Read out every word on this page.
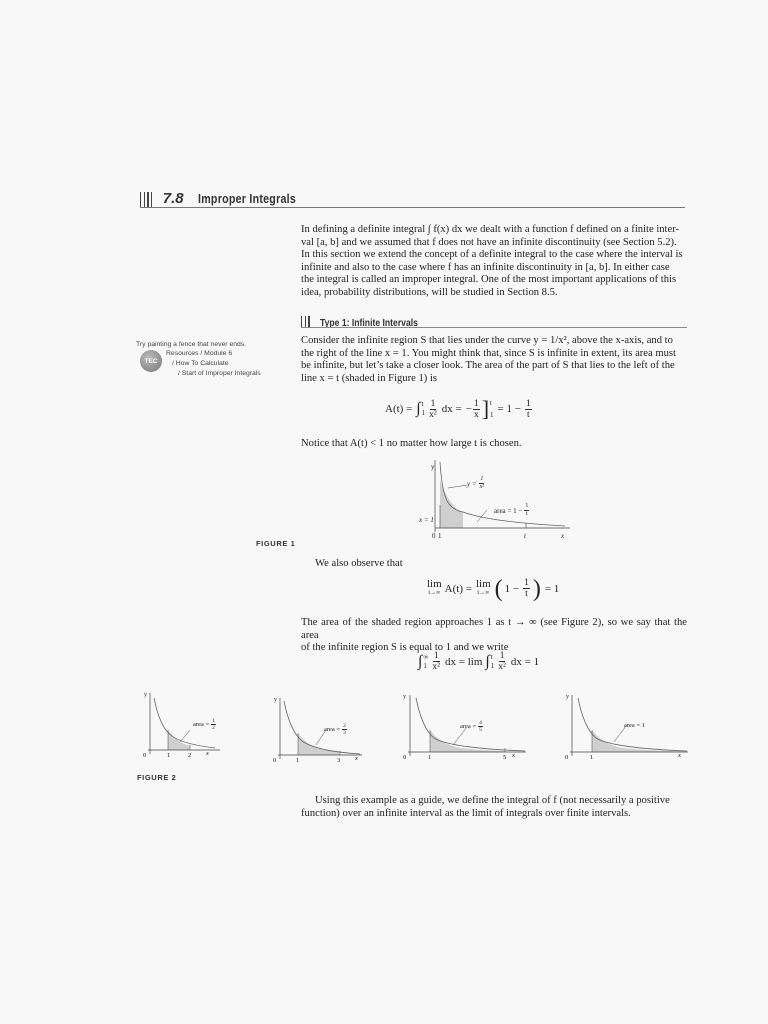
7.8 Improper Integrals
In defining a definite integral ∫ f(x) dx we dealt with a function f defined on a finite inter-
val [a, b] and we assumed that f does not have an infinite discontinuity (see Section 5.2).
In this section we extend the concept of a definite integral to the case where the interval is
infinite and also to the case where f has an infinite discontinuity in [a, b]. In either case
the integral is called an improper integral. One of the most important applications of this
idea, probability distributions, will be studied in Section 8.5.
Type 1: Infinite Intervals
Try painting a fence that never ends.
TEC
Resources / Module 6
/ How To Calculate
/ Start of Improper Integrals
Consider the infinite region S that lies under the curve y = 1/x², above the x-axis, and to
the right of the line x = 1. You might think that, since S is infinite in extent, its area must
be infinite, but let’s take a closer look. The area of the part of S that lies to the left of the
line x = t (shaded in Figure 1) is
A(t) = ∫ t
$1 \frac{1}{\text{x²}}$ dx = − $\frac{1}{x}$ ] t
$1 = 1 - \frac{1}{t}$
Notice that A(t) < 1 no matter how large t is chosen.
y
x
0 1	t
$y = \frac{1}{\text{x²}}$
x = 1
area = $1 - \frac{1}{t}$
FIGURE 1
We also observe that
lim
t→∞ A(t) = lim
t→∞ ( $1 - \frac{1}{t}$ ) = 1
The area of the shaded region approaches 1 as t → ∞ (see Figure 2), so we say that the area
of the infinite region S is equal to 1 and we write
∫ ∞
$1 \frac{1}{\text{x²}}$ dx = lim ∫ t
$1 \frac{1}{\text{x²}}$ dx = 1
y
0	1	2 x
area = $\frac{1}{2}$
y
0	1	3 x
area = $\frac{2}{3}$
y
0	1	5 x
area = $\frac{4}{5}$
y
0	1	x
area = 1
FIGURE 2
Using this example as a guide, we define the integral of f (not necessarily a positive
function) over an infinite interval as the limit of integrals over finite intervals.
